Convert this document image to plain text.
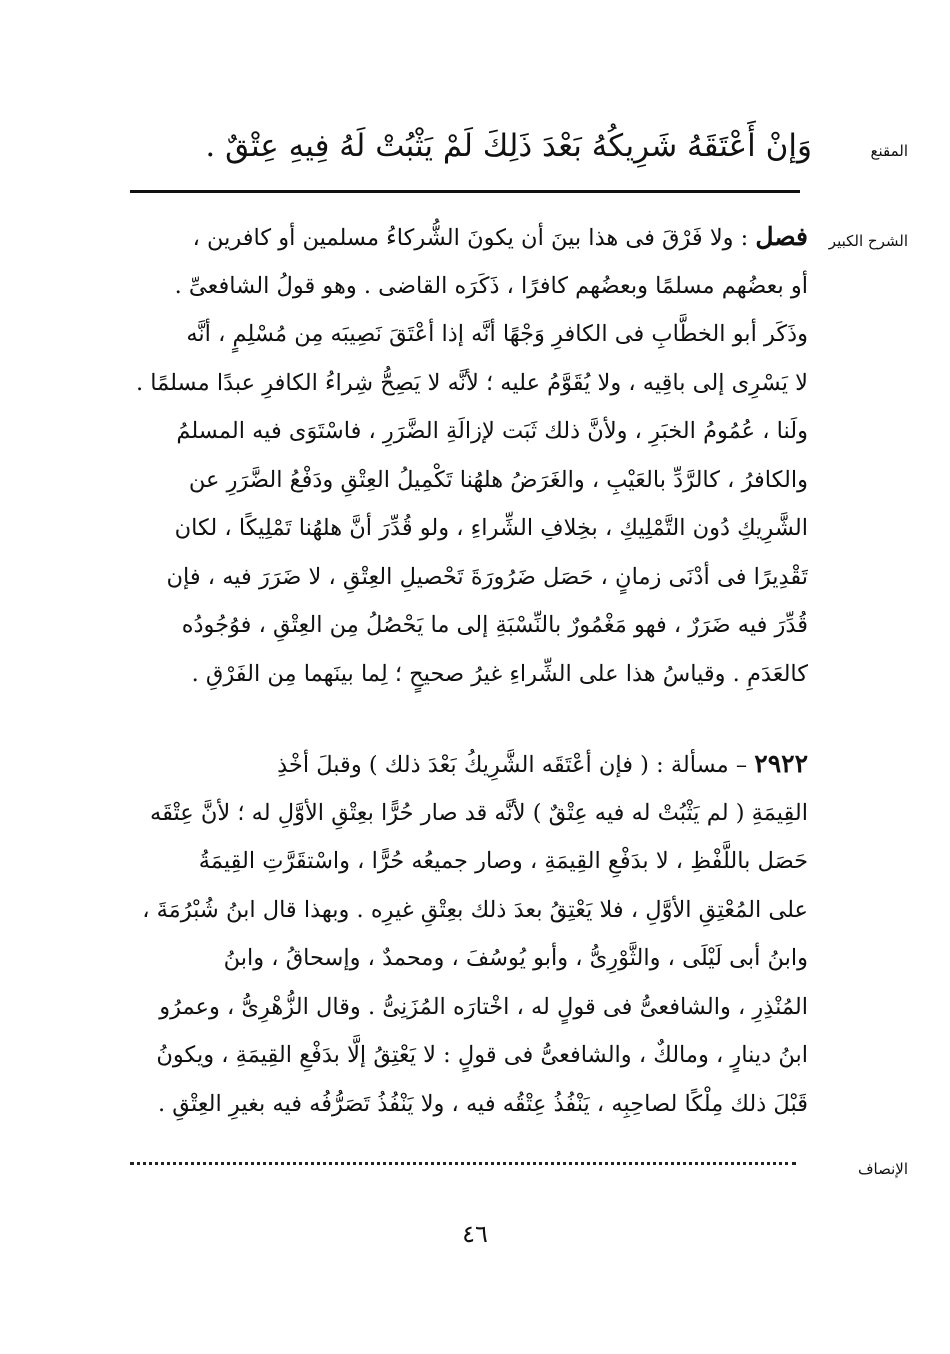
المقنع
وَإنْ أَعْتَقَهُ شَرِيكُهُ بَعْدَ ذَلِكَ لَمْ يَثْبُتْ لَهُ فِيهِ عِتْقٌ .
الشرح الكبير
فصل : ولا فَرْقَ فى هذا بينَ أن يكونَ الشُّركاءُ مسلمين أو كافرين ،
أو بعضُهم مسلمًا وبعضُهم كافرًا ، ذَكَرَه القاضى . وهو قولُ الشافعىِّ .
وذَكَر أبو الخطَّابِ فى الكافرِ وَجْهًا أنَّه إذا أعْتَقَ نَصِيبَه مِن مُسْلِمٍ ، أنَّه
لا يَسْرِى إلى باقِيه ، ولا يُقَوَّمُ عليه ؛ لأنَّه لا يَصِحُّ شِراءُ الكافرِ عبدًا مسلمًا .
ولَنا ، عُمُومُ الخبَرِ ، ولأنَّ ذلك ثَبَت لإزالَةِ الضَّرَرِ ، فاسْتَوَى فيه المسلمُ
والكافرُ ، كالرَّدِّ بالعَيْبِ ، والغَرَضُ هلهُنا تَكْمِيلُ العِتْقِ ودَفْعُ الضَّرَرِ عن
الشَّرِيكِ دُون التَّمْلِيكِ ، بخِلافِ الشِّراءِ ، ولو قُدِّرَ أنَّ هلهُنا تَمْلِيكًا ، لكان
تَقْدِيرًا فى أدْنَى زمانٍ ، حَصَل ضَرُورَةَ تَحْصيلِ العِتْقِ ، لا ضَرَرَ فيه ، فإن
قُدِّرَ فيه ضَرَرٌ ، فهو مَغْمُورٌ بالنِّسْبَةِ إلى ما يَحْصُلُ مِن العِتْقِ ، فوُجُودُه
كالعَدَمِ . وقياسُ هذا على الشِّراءِ غيرُ صحيحٍ ؛ لِما بينَهما مِن الفَرْقِ .
٢٩٢٢ – مسألة : ( فإن أعْتَقَه الشَّرِيكُ بَعْدَ ذلك ) وقبلَ أخْذِ
القِيمَةِ ( لم يَثْبُتْ له فيه عِتْقٌ ) لأنَّه قد صار حُرًّا بعِتْقِ الأوَّلِ له ؛ لأنَّ عِتْقَه
حَصَل باللَّفْظِ ، لا بدَفْعِ القِيمَةِ ، وصار جميعُه حُرًّا ، واسْتقَرَّتِ القِيمَةُ
على المُعْتِقِ الأوَّلِ ، فلا يَعْتِقُ بعدَ ذلك بعِتْقِ غيرِه . وبهذا قال ابنُ شُبْرُمَةَ ،
وابنُ أبى لَيْلَى ، والثَّوْرِىُّ ، وأبو يُوسُفَ ، ومحمدٌ ، وإسحاقُ ، وابنُ
المُنْذِرِ ، والشافعىُّ فى قولٍ له ، اخْتارَه المُزَنِىُّ . وقال الزُّهْرِىُّ ، وعمرُو
ابنُ دينارٍ ، ومالكٌ ، والشافعىُّ فى قولٍ : لا يَعْتِقُ إلَّا بدَفْعِ القِيمَةِ ، ويكونُ
قَبْلَ ذلك مِلْكًا لصاحِبِه ، يَنْفُذُ عِتْقُه فيه ، ولا يَنْفُذُ تَصَرُّفُه فيه بغيرِ العِتْقِ .
الإنصاف
٤٦
